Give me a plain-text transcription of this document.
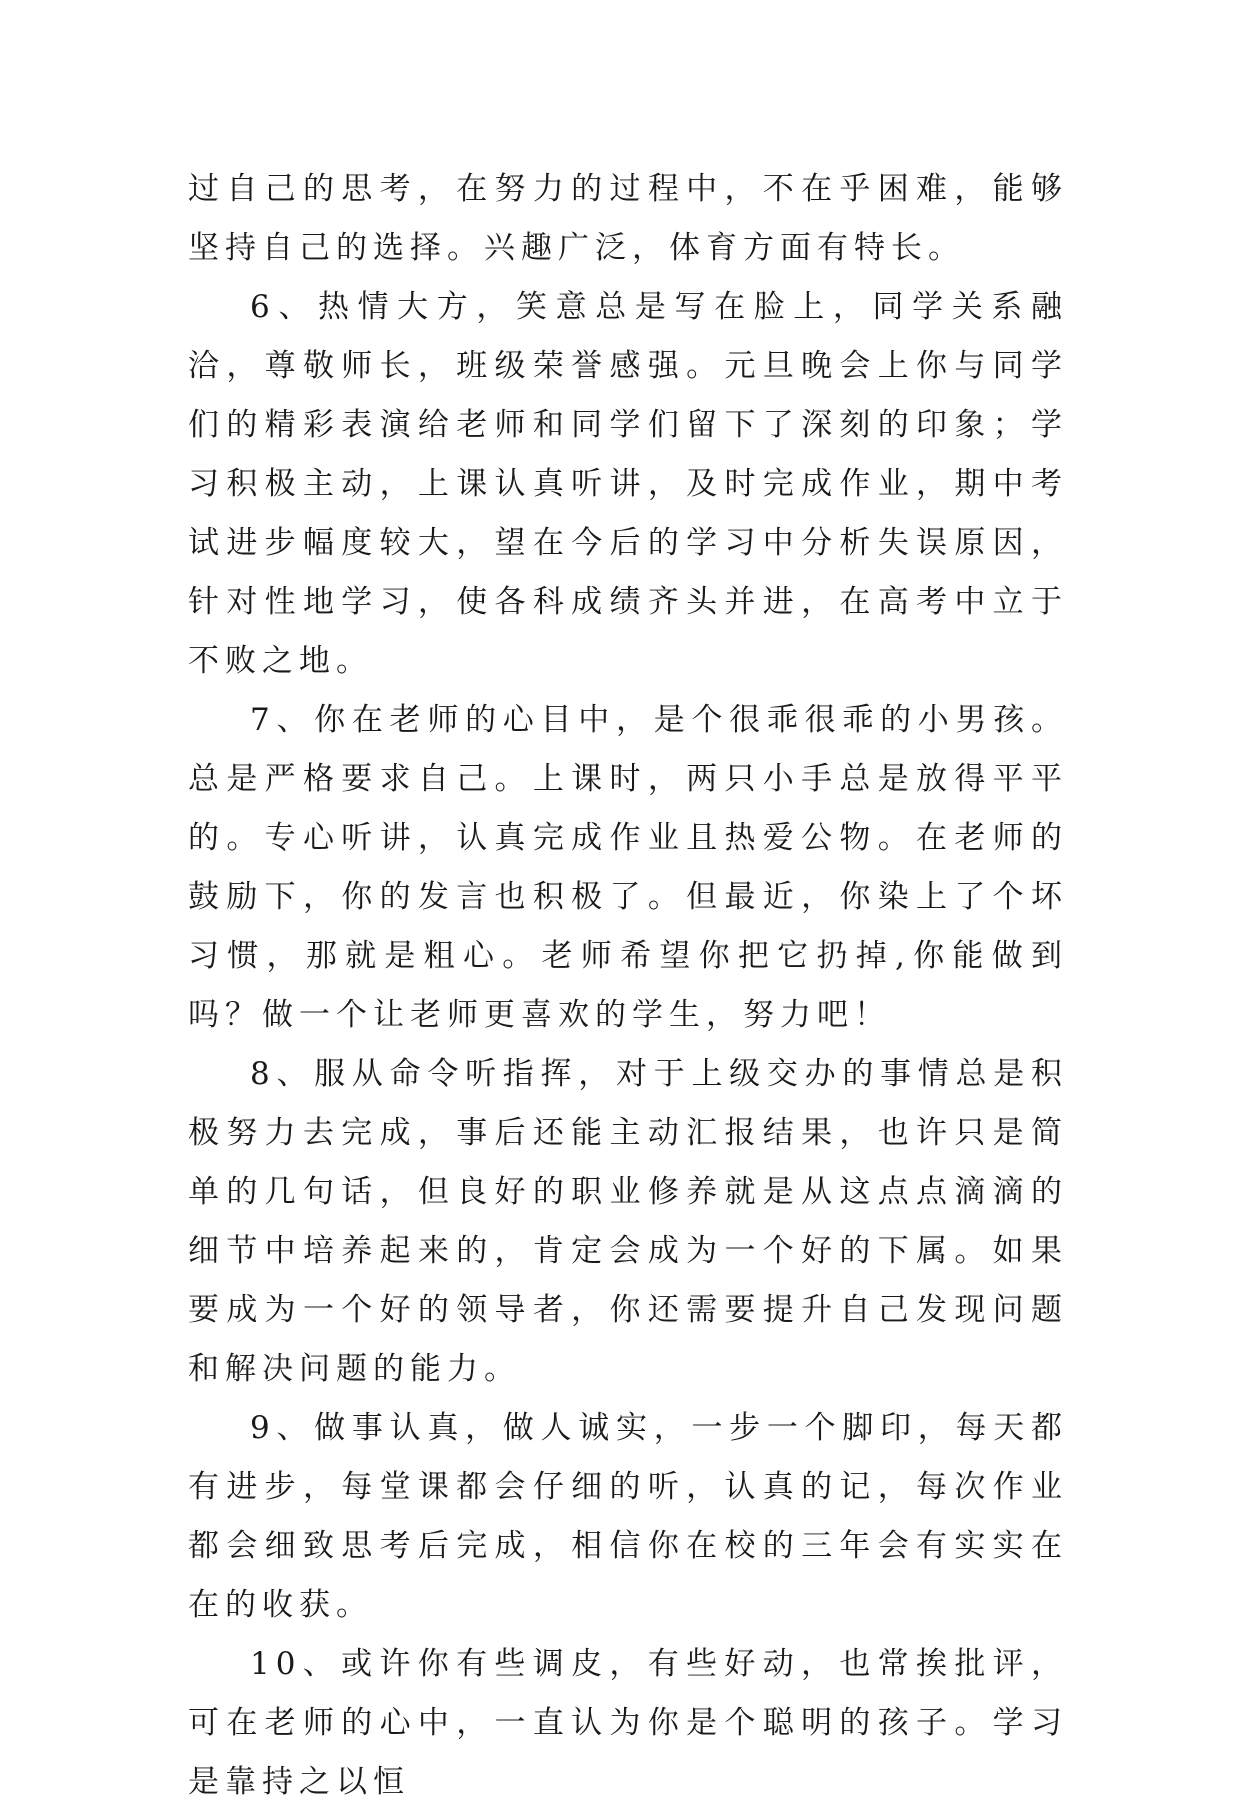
过自己的思考，在努力的过程中，不在乎困难，能够坚持自己的选择。兴趣广泛，体育方面有特长。

6、热情大方，笑意总是写在脸上，同学关系融洽，尊敬师长，班级荣誉感强。元旦晚会上你与同学们的精彩表演给老师和同学们留下了深刻的印象；学习积极主动，上课认真听讲，及时完成作业，期中考试进步幅度较大，望在今后的学习中分析失误原因，针对性地学习，使各科成绩齐头并进，在高考中立于不败之地。

7、你在老师的心目中，是个很乖很乖的小男孩。总是严格要求自己。上课时，两只小手总是放得平平的。专心听讲，认真完成作业且热爱公物。在老师的鼓励下，你的发言也积极了。但最近，你染上了个坏习惯，那就是粗心。老师希望你把它扔掉,你能做到吗？做一个让老师更喜欢的学生，努力吧！

8、服从命令听指挥，对于上级交办的事情总是积极努力去完成，事后还能主动汇报结果，也许只是简单的几句话，但良好的职业修养就是从这点点滴滴的细节中培养起来的，肯定会成为一个好的下属。如果要成为一个好的领导者，你还需要提升自己发现问题和解决问题的能力。

9、做事认真，做人诚实，一步一个脚印，每天都有进步，每堂课都会仔细的听，认真的记，每次作业都会细致思考后完成，相信你在校的三年会有实实在在的收获。

10、或许你有些调皮，有些好动，也常挨批评，可在老师的心中，一直认为你是个聪明的孩子。学习是靠持之以恒
